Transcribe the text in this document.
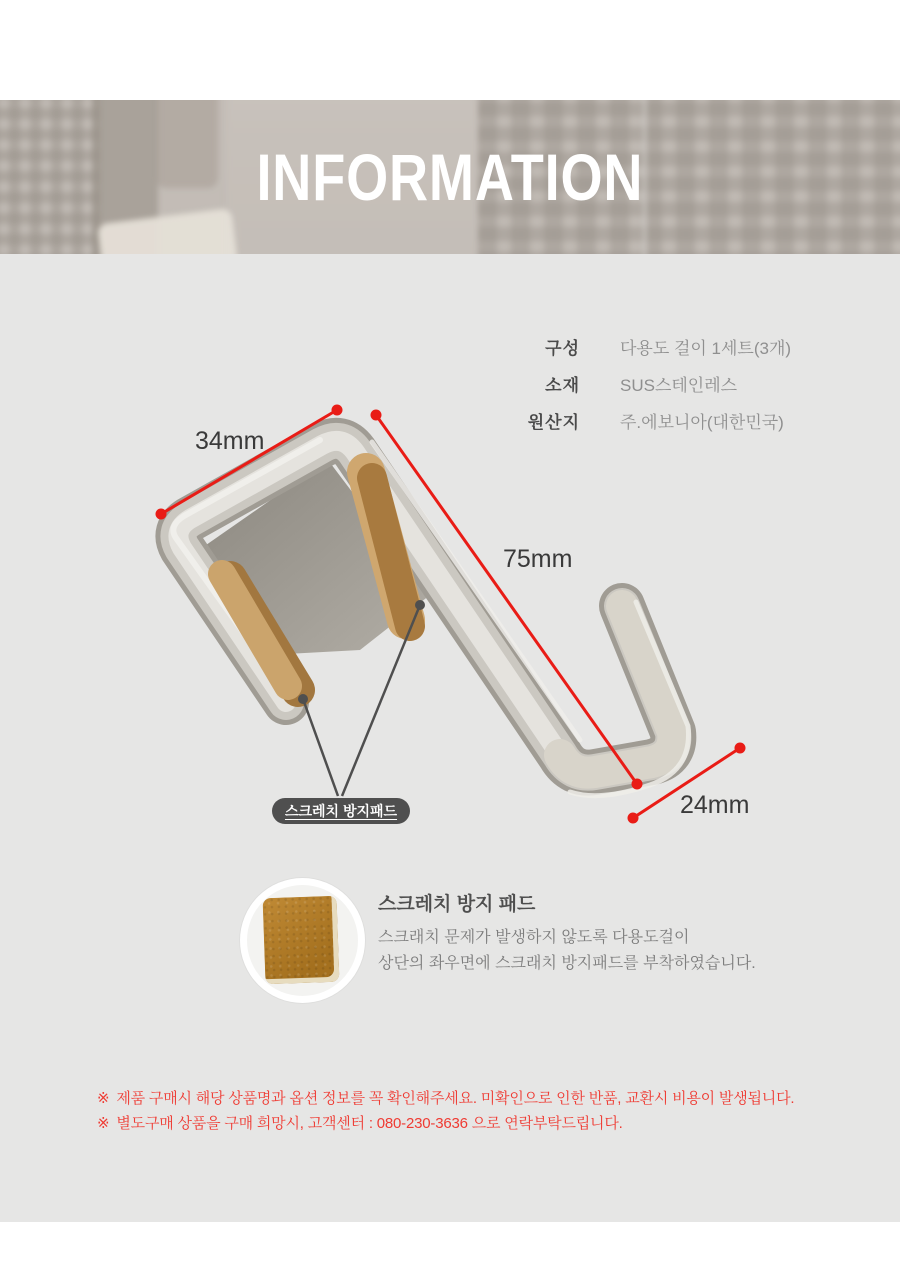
INFORMATION
구성 다용도 걸이 1세트(3개)
소재 SUS스테인레스
원산지 주.에보니아(대한민국)
34mm
75mm
24mm
스크레치 방지패드
스크레치 방지 패드
스크래치 문제가 발생하지 않도록 다용도걸이
상단의 좌우면에 스크래치 방지패드를 부착하였습니다.
※ 제품 구매시 해당 상품명과 옵션 정보를 꼭 확인해주세요. 미확인으로 인한 반품, 교환시 비용이 발생됩니다.
※ 별도구매 상품을 구매 희망시, 고객센터 : 080-230-3636 으로 연락부탁드립니다.
